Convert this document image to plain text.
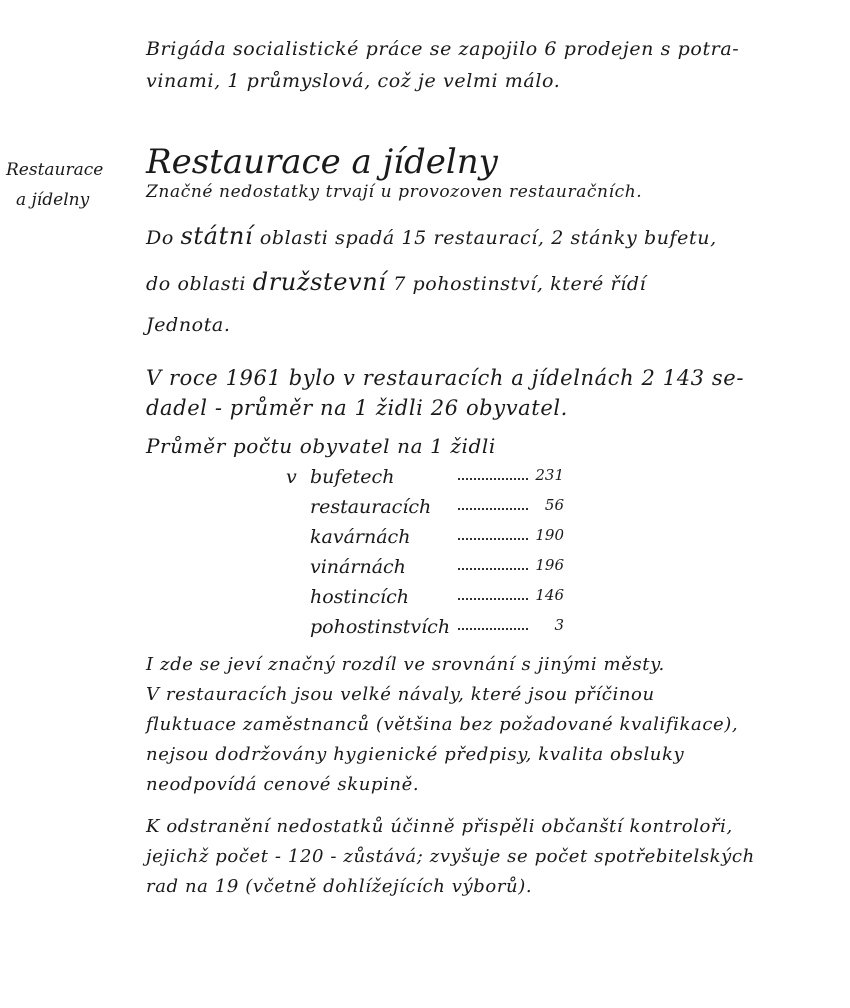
Brigáda socialistické práce se zapojilo 6 prodejen s potra-
vinami, 1 průmyslová, což je velmi málo.
Restaurace
a jídelny
Restaurace a jídelny
Značné nedostatky trvají u provozoven restauračních.
Do státní oblasti spadá 15 restaurací, 2 stánky bufetu,
do oblasti družstevní 7 pohostinství, které řídí
Jednota.
V roce 1961 bylo v restauracích a jídelnách 2 143 se-
dadel - průměr na 1 židli 26 obyvatel.
Průměr počtu obyvatel na 1 židli
v bufetech	231
restauracích	56
kavárnách	190
vinárnách	196
hostincích	146
pohostinstvích	3
I zde se jeví značný rozdíl ve srovnání s jinými městy.
V restauracích jsou velké návaly, které jsou příčinou
fluktuace zaměstnanců (většina bez požadované kvalifikace),
nejsou dodržovány hygienické předpisy, kvalita obsluky
neodpovídá cenové skupině.
K odstranění nedostatků účinně přispěli občanští kontroloři,
jejichž počet - 120 - zůstává; zvyšuje se počet spotřebitelských
rad na 19 (včetně dohlížejících výborů).
